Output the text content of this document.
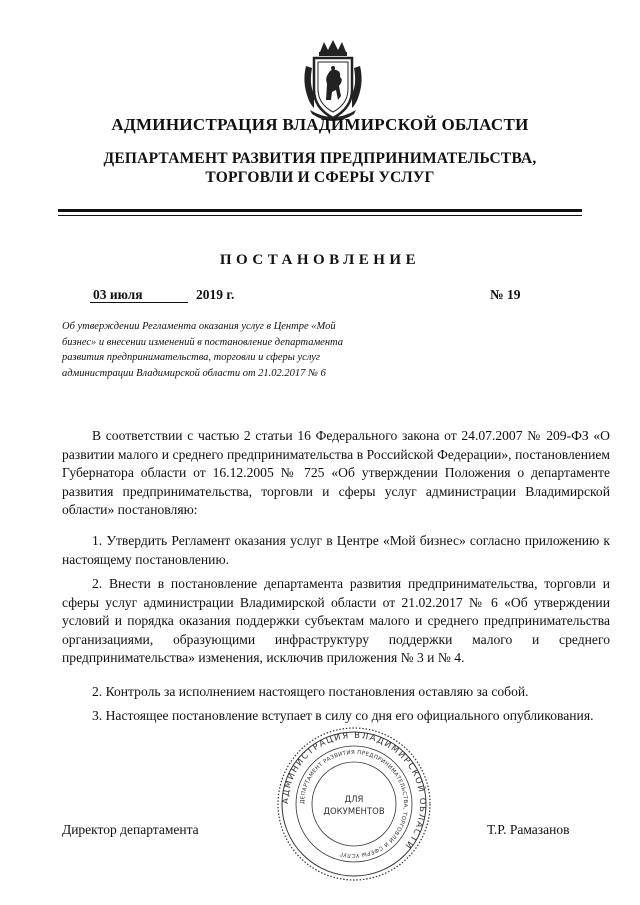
АДМИНИСТРАЦИЯ ВЛАДИМИРСКОЙ ОБЛАСТИ
ДЕПАРТАМЕНТ РАЗВИТИЯ ПРЕДПРИНИМАТЕЛЬСТВА,
ТОРГОВЛИ И СФЕРЫ УСЛУГ
ПОСТАНОВЛЕНИЕ
03 июля	2019 г.	№ 19
Об утверждении Регламента оказания услуг в Центре «Мой бизнес» и внесении изменений в постановление департамента развития предпринимательства, торговли и сферы услуг администрации Владимирской области от 21.02.2017 № 6
В соответствии с частью 2 статьи 16 Федерального закона от 24.07.2007 № 209-ФЗ «О развитии малого и среднего предпринимательства в Российской Федерации», постановлением Губернатора области от 16.12.2005 № 725 «Об утверждении Положения о департаменте развития предпринимательства, торговли и сферы услуг администрации Владимирской области» постановляю:
1. Утвердить Регламент оказания услуг в Центре «Мой бизнес» согласно приложению к настоящему постановлению.
2. Внести в постановление департамента развития предпринимательства, торговли и сферы услуг администрации Владимирской области от 21.02.2017 № 6 «Об утверждении условий и порядка оказания поддержки субъектам малого и среднего предпринимательства организациями, образующими инфраструктуру поддержки малого и среднего предпринимательства» изменения, исключив приложения № 3 и № 4.
2. Контроль за исполнением настоящего постановления оставляю за собой.
3. Настоящее постановление вступает в силу со дня его официального опубликования.
АДМИНИСТРАЦИЯ ВЛАДИМИРСКОЙ ОБЛАСТИ
ДЕПАРТАМЕНТ РАЗВИТИЯ ПРЕДПРИНИМАТЕЛЬСТВА, ТОРГОВЛИ И СФЕРЫ УСЛУГ
ДЛЯ
ДОКУМЕНТОВ
Директор департамента	Т.Р. Рамазанов
